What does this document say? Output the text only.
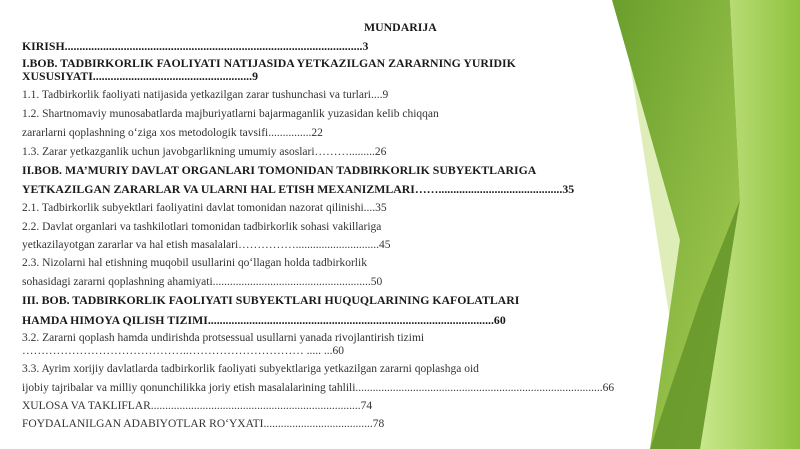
MUNDARIJA
KIRISH.....................................................................................................3
I.BOB. TADBIRKORLIK FAOLIYATI NATIJASIDA YETKAZILGAN ZARARNING YURIDIK
XUSUSIYATI......................................................9
1.1. Tadbirkorlik faoliyati natijasida yetkazilgan zarar tushunchasi va turlari....9
1.2. Shartnomaviy munosabatlarda majburiyatlarni bajarmaganlik yuzasidan kelib chiqqan
zararlarni qoplashning o‘ziga xos metodologik tavsifi...............22
1.3. Zarar yetkazganlik uchun javobgarlikning umumiy asoslari……….........26
II.BOB. MA’MURIY DAVLAT ORGANLARI TOMONIDAN TADBIRKORLIK SUBYEKTLARIGA
YETKAZILGAN ZARARLAR VA ULARNI HAL ETISH MEXANIZMLARI……..........................................35
2.1. Tadbirkorlik subyektlari faoliyatini davlat tomonidan nazorat qilinishi....35
2.2. Davlat organlari va tashkilotlari tomonidan tadbirkorlik sohasi vakillariga
yetkazilayotgan zararlar va hal etish masalalari…………….............................45
2.3. Nizolarni hal etishning muqobil usullarini qo‘llagan holda tadbirkorlik
sohasidagi zararni qoplashning ahamiyati.......................................................50
III. BOB. TADBIRKORLIK FAOLIYATI SUBYEKTLARI HUQUQLARINING KAFOLATLARI
HAMDA HIMOYA QILISH TIZIMI.................................................................................................60
3.2. Zararni qoplash hamda undirishda protsessual usullarni yanada rivojlantirish tizimi
……………………………………..………………………… ..... ...60
3.3. Ayrim xorijiy davlatlarda tadbirkorlik faoliyati subyektlariga yetkazilgan zararni qoplashga oid
ijobiy tajribalar va milliy qonunchilikka joriy etish masalalarining tahlili......................................................................................66
XULOSA VA TAKLIFLAR.........................................................................74
FOYDALANILGAN ADABIYOTLAR RO‘YXATI......................................78
